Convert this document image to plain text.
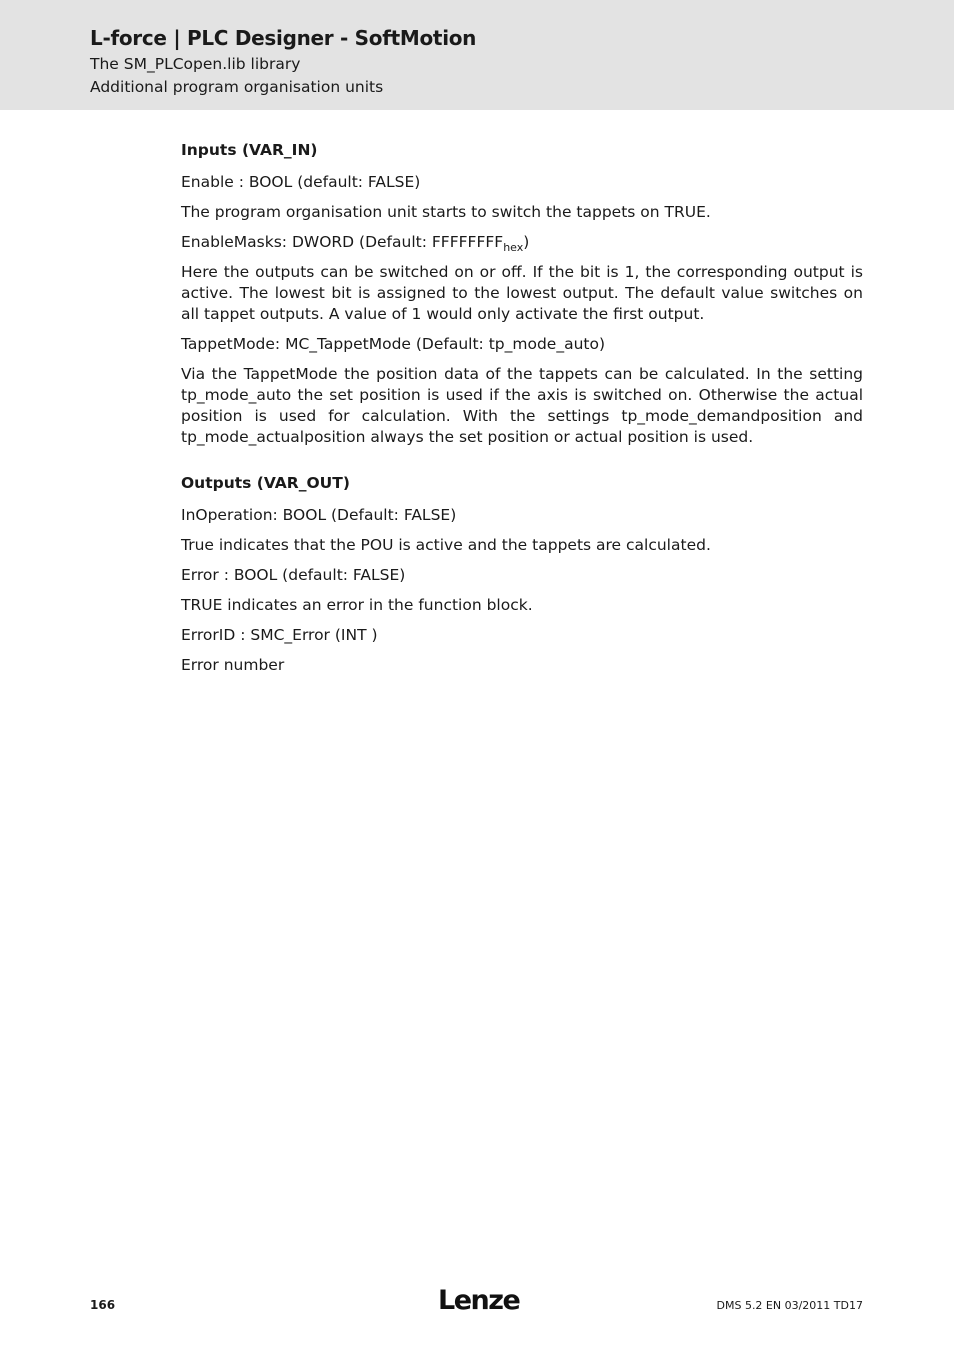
L-force | PLC Designer - SoftMotion
The SM_PLCopen.lib library
Additional program organisation units
Inputs (VAR_IN)

Enable : BOOL (default: FALSE)

The program organisation unit starts to switch the tappets on TRUE.

EnableMasks: DWORD (Default: $FFFFFFFF_{hex}$)

Here the outputs can be switched on or off. If the bit is 1, the corresponding output is active. The lowest bit is assigned to the lowest output. The default value switches on all tappet outputs. A value of 1 would only activate the first output.

TappetMode: MC_TappetMode (Default: tp_mode_auto)

Via the TappetMode the position data of the tappets can be calculated. In the setting tp_mode_auto the set position is used if the axis is switched on. Otherwise the actual position is used for calculation. With the settings tp_mode_demandposition and tp_mode_actualposition always the set position or actual position is used.

Outputs (VAR_OUT)

InOperation: BOOL (Default: FALSE)

True indicates that the POU is active and the tappets are calculated.

Error : BOOL (default: FALSE)

TRUE indicates an error in the function block.

ErrorID : SMC_Error (INT )

Error number

166	Lenze	DMS 5.2 EN 03/2011 TD17
